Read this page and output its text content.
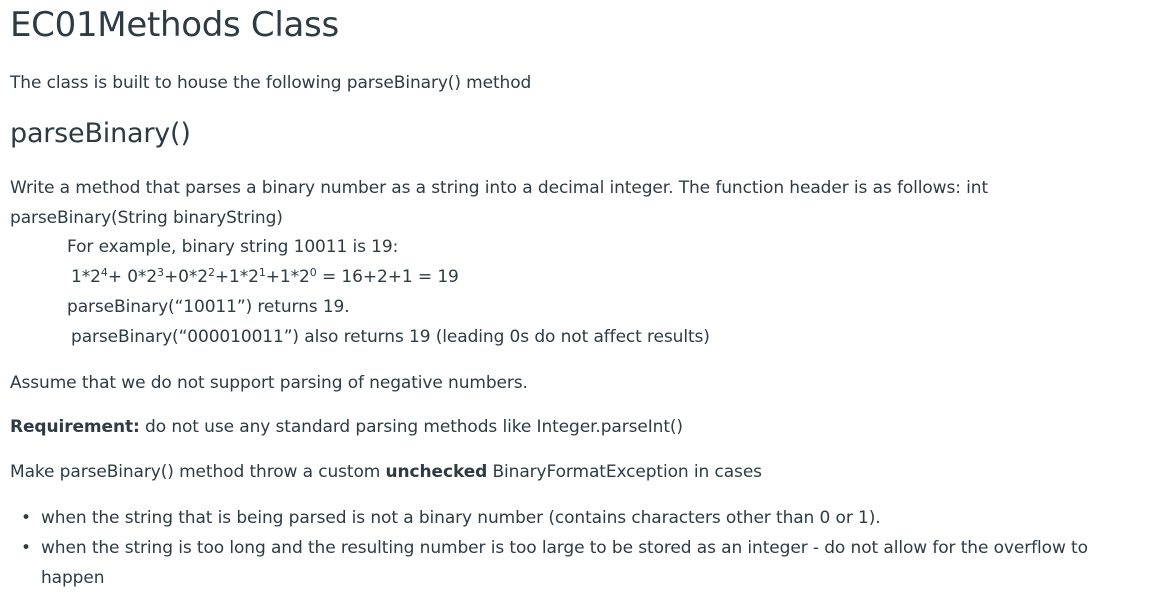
EC01Methods Class

The class is built to house the following parseBinary() method

parseBinary()

Write a method that parses a binary number as a string into a decimal integer. The function header is as follows: int parseBinary(String binaryString)

For example, binary string 10011 is 19:

$1*2^4+ 0*2^3+0*2^2+1*2^1+1*2^0 = 16+2+1 = 19$

parseBinary(“10011”) returns 19.

parseBinary(“000010011”) also returns 19 (leading 0s do not affect results)

Assume that we do not support parsing of negative numbers.

Requirement: do not use any standard parsing methods like Integer.parseInt()

Make parseBinary() method throw a custom unchecked BinaryFormatException in cases

• when the string that is being parsed is not a binary number (contains characters other than 0 or 1).
• when the string is too long and the resulting number is too large to be stored as an integer - do not allow for the overflow to happen
